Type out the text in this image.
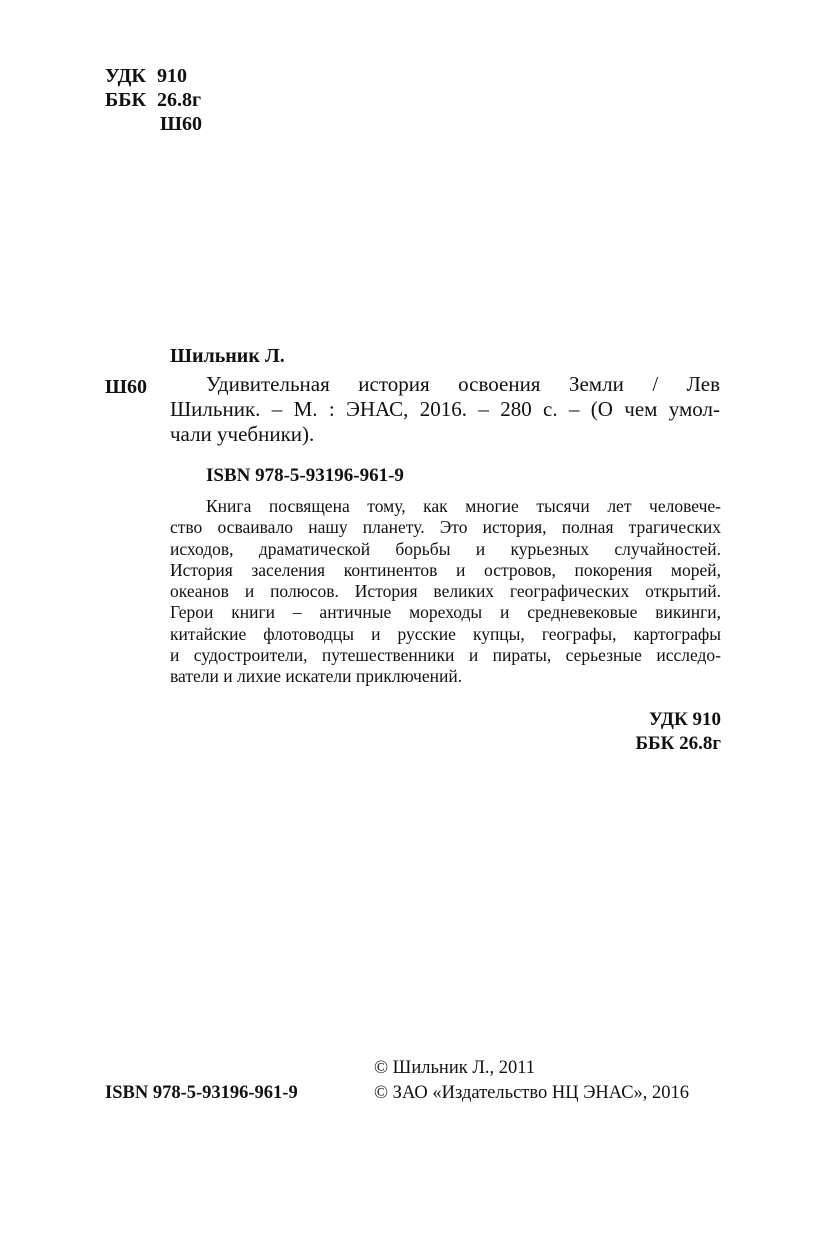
УДК 910
ББК 26.8г
Ш60
Шильник Л.
Ш60	Удивительная история освоения Земли / Лев
Шильник. – М. : ЭНАС, 2016. – 280 с. – (О чем умол-
чали учебники).
ISBN 978-5-93196-961-9
Книга посвящена тому, как многие тысячи лет человече-
ство осваивало нашу планету. Это история, полная трагических
исходов, драматической борьбы и курьезных случайностей.
История заселения континентов и островов, покорения морей,
океанов и полюсов. История великих географических открытий.
Герои книги – античные мореходы и средневековые викинги,
китайские флотоводцы и русские купцы, географы, картографы
и судостроители, путешественники и пираты, серьезные исследо-
ватели и лихие искатели приключений.
УДК 910
ББК 26.8г
© Шильник Л., 2011
© ЗАО «Издательство НЦ ЭНАС», 2016
ISBN 978-5-93196-961-9
